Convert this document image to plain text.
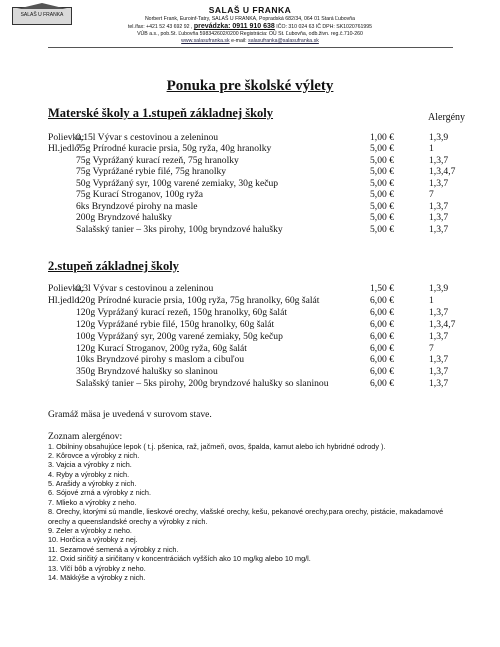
SALAŠ U FRANKA	SALAŠ U FRANKA
Norbert Frank, Euroinf-Tatry, SALAŠ U FRANKA, Popradská 682/34, 064 01 Stará Ľubovňa
tel./fax: +421 52 43 692 92 , prevádzka: 0911 910 638 IČO: 310 024 63 IČ DPH: SK1020761995
VÚB a.s., pob.St. Ľubovňa 598342602/0200 Registrácia: OÚ St. Ľubovňa, odb.živn. reg.č.710-260
www.salasufranka.sk e-mail: salasufranka@salasufranka.sk
Ponuka pre školské výlety
Materské školy a 1.stupeň základnej školy	Alergény
Polievka:
0,15l Vývar s cestovinou a zeleninou	1,00 €	1,3,9
Hl.jedlo:
75g Prírodné kuracie prsia, 50g ryža, 40g hranolky	5,00 €	1
75g Vyprážaný kurací rezeň, 75g hranolky	5,00 €	1,3,7
75g Vyprážané rybie filé, 75g hranolky	5,00 €	1,3,4,7
50g Vyprážaný syr, 100g varené zemiaky, 30g kečup	5,00 €	1,3,7
75g Kurací Stroganov, 100g ryža	5,00 €	7
6ks Bryndzové pirohy na masle	5,00 €	1,3,7
200g Bryndzové halušky	5,00 €	1,3,7
Salašský tanier – 3ks pirohy, 100g bryndzové halušky	5,00 €	1,3,7
2.stupeň základnej školy
Polievka:
0,3l Vývar s cestovinou a zeleninou	1,50 €	1,3,9
Hl.jedlo:
120g Prírodné kuracie prsia, 100g ryža, 75g hranolky, 60g šalát	6,00 €	1
120g Vyprážaný kurací rezeň, 150g hranolky, 60g šalát	6,00 €	1,3,7
120g Vyprážané rybie filé, 150g hranolky, 60g šalát	6,00 €	1,3,4,7
100g Vyprážaný syr, 200g varené zemiaky, 50g kečup	6,00 €	1,3,7
120g Kurací Stroganov, 200g ryža, 60g šalát	6,00 €	7
10ks Bryndzové pirohy s maslom a cibuľou	6,00 €	1,3,7
350g Bryndzové halušky so slaninou	6,00 €	1,3,7
Salašský tanier – 5ks pirohy, 200g bryndzové halušky so slaninou	6,00 €	1,3,7
Gramáž mäsa je uvedená v surovom stave.
Zoznam alergénov:
1. Obilniny obsahujúce lepok ( t.j. pšenica, raž, jačmeň, ovos, špalda, kamut alebo ich hybridné odrody ).
2. Kôrovce a výrobky z nich.
3. Vajcia a výrobky z nich.
4. Ryby a výrobky z nich.
5. Arašidy a výrobky z nich.
6. Sójové zrná a výrobky z nich.
7. Mlieko a výrobky z neho.
8. Orechy, ktorými sú mandle, lieskové orechy, vlašské orechy, kešu, pekanové orechy,para orechy, pistácie, makadamové
orechy a queenslandské orechy a výrobky z nich.
9. Zeler a výrobky z neho.
10. Horčica a výrobky z nej.
11. Sezamové semená a výrobky z nich.
12. Oxid siričitý a siričitany v koncentráciách vyšších ako 10 mg/kg alebo 10 mg/l.
13. Vlčí bôb a výrobky z neho.
14. Mäkkýše a výrobky z nich.
